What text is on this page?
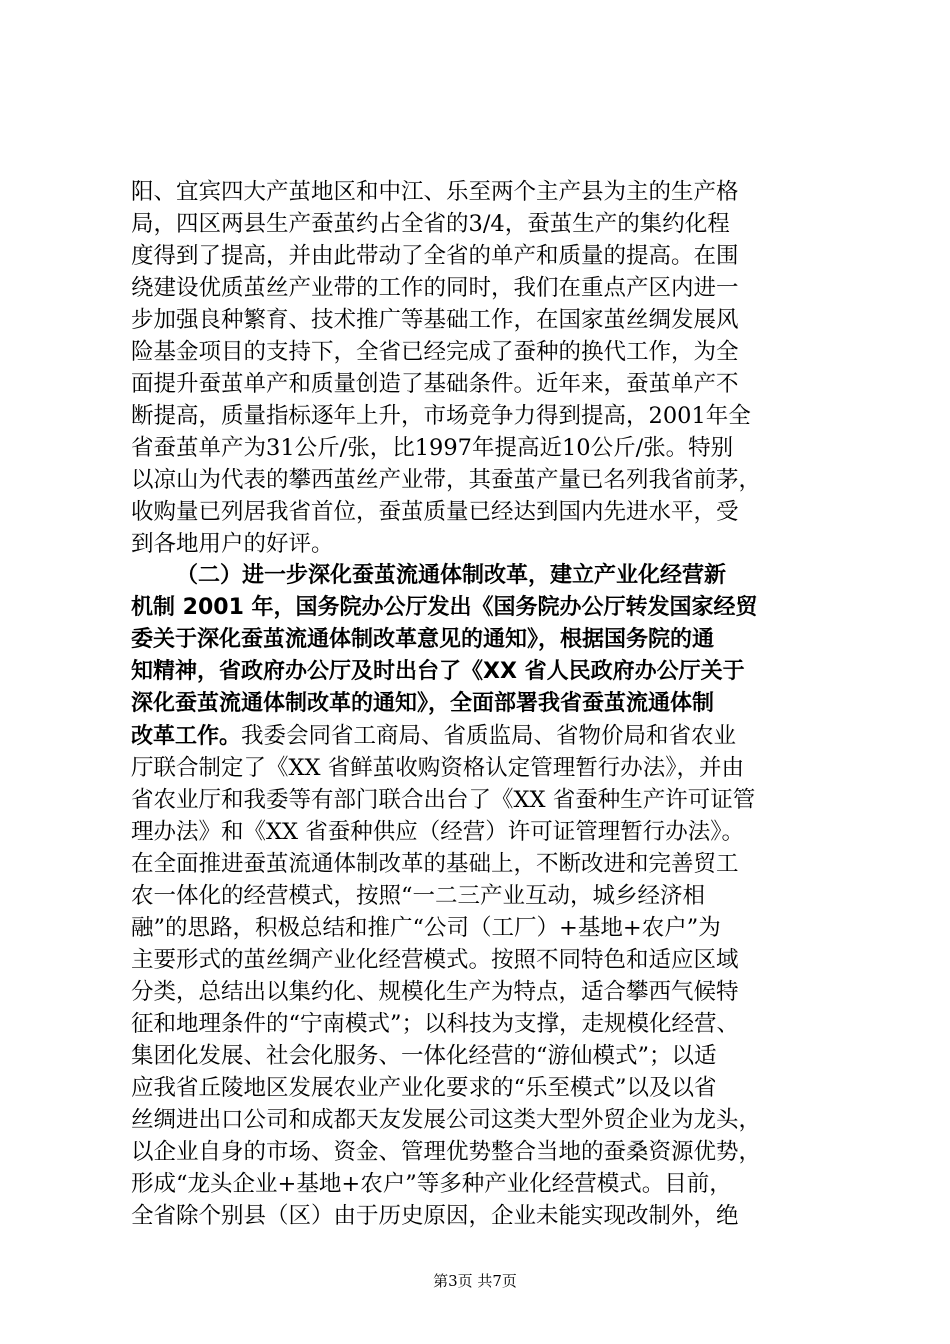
阳、宜宾四大产茧地区和中江、乐至两个主产县为主的生产格
局，四区两县生产蚕茧约占全省的3/4，蚕茧生产的集约化程
度得到了提高，并由此带动了全省的单产和质量的提高。在围
绕建设优质茧丝产业带的工作的同时，我们在重点产区内进一
步加强良种繁育、技术推广等基础工作，在国家茧丝绸发展风
险基金项目的支持下，全省已经完成了蚕种的换代工作，为全
面提升蚕茧单产和质量创造了基础条件。近年来，蚕茧单产不
断提高，质量指标逐年上升，市场竞争力得到提高，2001年全
省蚕茧单产为31公斤/张，比1997年提高近10公斤/张。特别
以凉山为代表的攀西茧丝产业带，其蚕茧产量已名列我省前茅，
收购量已列居我省首位，蚕茧质量已经达到国内先进水平，受
到各地用户的好评。
（二）进一步深化蚕茧流通体制改革，建立产业化经营新
机制 2001 年，国务院办公厅发出《国务院办公厅转发国家经贸
委关于深化蚕茧流通体制改革意见的通知》，根据国务院的通
知精神，省政府办公厅及时出台了《XX 省人民政府办公厅关于
深化蚕茧流通体制改革的通知》，全面部署我省蚕茧流通体制
改革工作。我委会同省工商局、省质监局、省物价局和省农业
厅联合制定了《XX 省鲜茧收购资格认定管理暂行办法》，并由
省农业厅和我委等有部门联合出台了《XX 省蚕种生产许可证管
理办法》和《XX 省蚕种供应（经营）许可证管理暂行办法》。
在全面推进蚕茧流通体制改革的基础上，不断改进和完善贸工
农一体化的经营模式，按照“一二三产业互动，城乡经济相
融”的思路，积极总结和推广“公司（工厂）+基地+农户”为
主要形式的茧丝绸产业化经营模式。按照不同特色和适应区域
分类，总结出以集约化、规模化生产为特点，适合攀西气候特
征和地理条件的“宁南模式”；以科技为支撑，走规模化经营、
集团化发展、社会化服务、一体化经营的“游仙模式”；以适
应我省丘陵地区发展农业产业化要求的“乐至模式”以及以省
丝绸进出口公司和成都天友发展公司这类大型外贸企业为龙头，
以企业自身的市场、资金、管理优势整合当地的蚕桑资源优势，
形成“龙头企业+基地+农户”等多种产业化经营模式。目前，
全省除个别县（区）由于历史原因，企业未能实现改制外，绝
第3页 共7页
